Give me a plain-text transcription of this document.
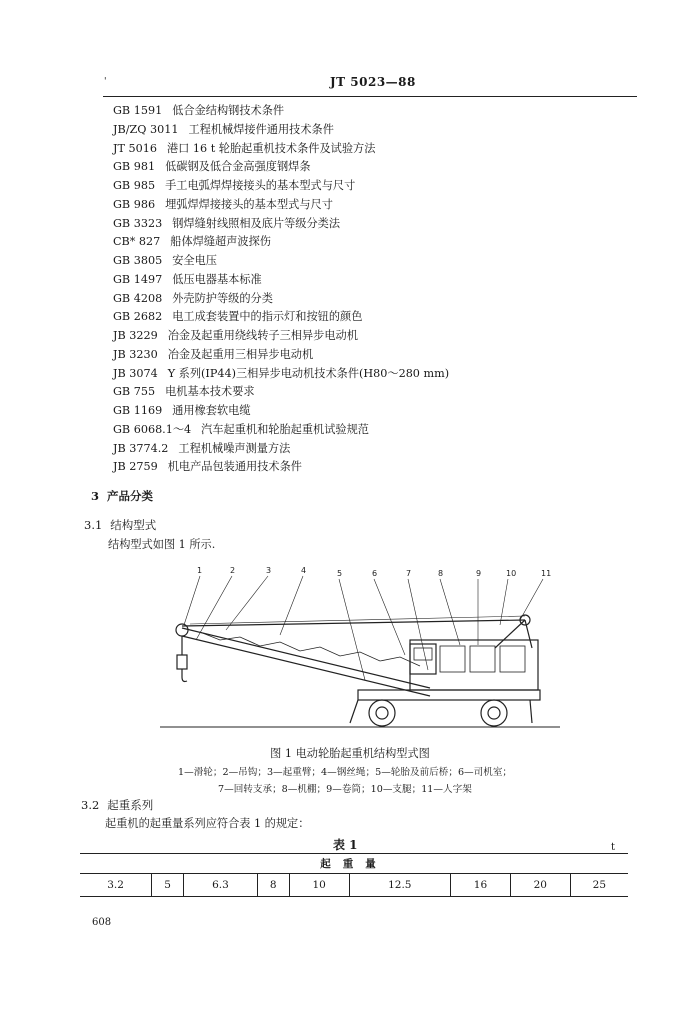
'	JT 5023—88
GB 1591 低合金结构钢技术条件
JB/ZQ 3011 工程机械焊接件通用技术条件
JT 5016 港口 16 t 轮胎起重机技术条件及试验方法
GB 981 低碳钢及低合金高强度钢焊条
GB 985 手工电弧焊焊接接头的基本型式与尺寸
GB 986 埋弧焊焊接接头的基本型式与尺寸
GB 3323 钢焊缝射线照相及底片等级分类法
CB* 827 船体焊缝超声波探伤
GB 3805 安全电压
GB 1497 低压电器基本标准
GB 4208 外壳防护等级的分类
GB 2682 电工成套装置中的指示灯和按钮的颜色
JB 3229 冶金及起重用绕线转子三相异步电动机
JB 3230 冶金及起重用三相异步电动机
JB 3074 Y 系列(IP44)三相异步电动机技术条件(H80～280 mm)
GB 755 电机基本技术要求
GB 1169 通用橡套软电缆
GB 6068.1～4 汽车起重机和轮胎起重机试验规范
JB 3774.2 工程机械噪声测量方法
JB 2759 机电产品包装通用技术条件
3 产品分类
3.1 结构型式
结构型式如图 1 所示.
1	2	3	4	5	6	7	8	9	10	11
图 1 电动轮胎起重机结构型式图
1—滑轮；2—吊钩；3—起重臂；4—钢丝绳；5—轮胎及前后桥；6—司机室；
7—回转支承；8—机棚；9—卷筒；10—支腿；11—人字架
3.2 起重系列
起重机的起重量系列应符合表 1 的规定：
表 1	t
起重量
3.2	5	6.3	8	10	12.5	16	20	25
608
